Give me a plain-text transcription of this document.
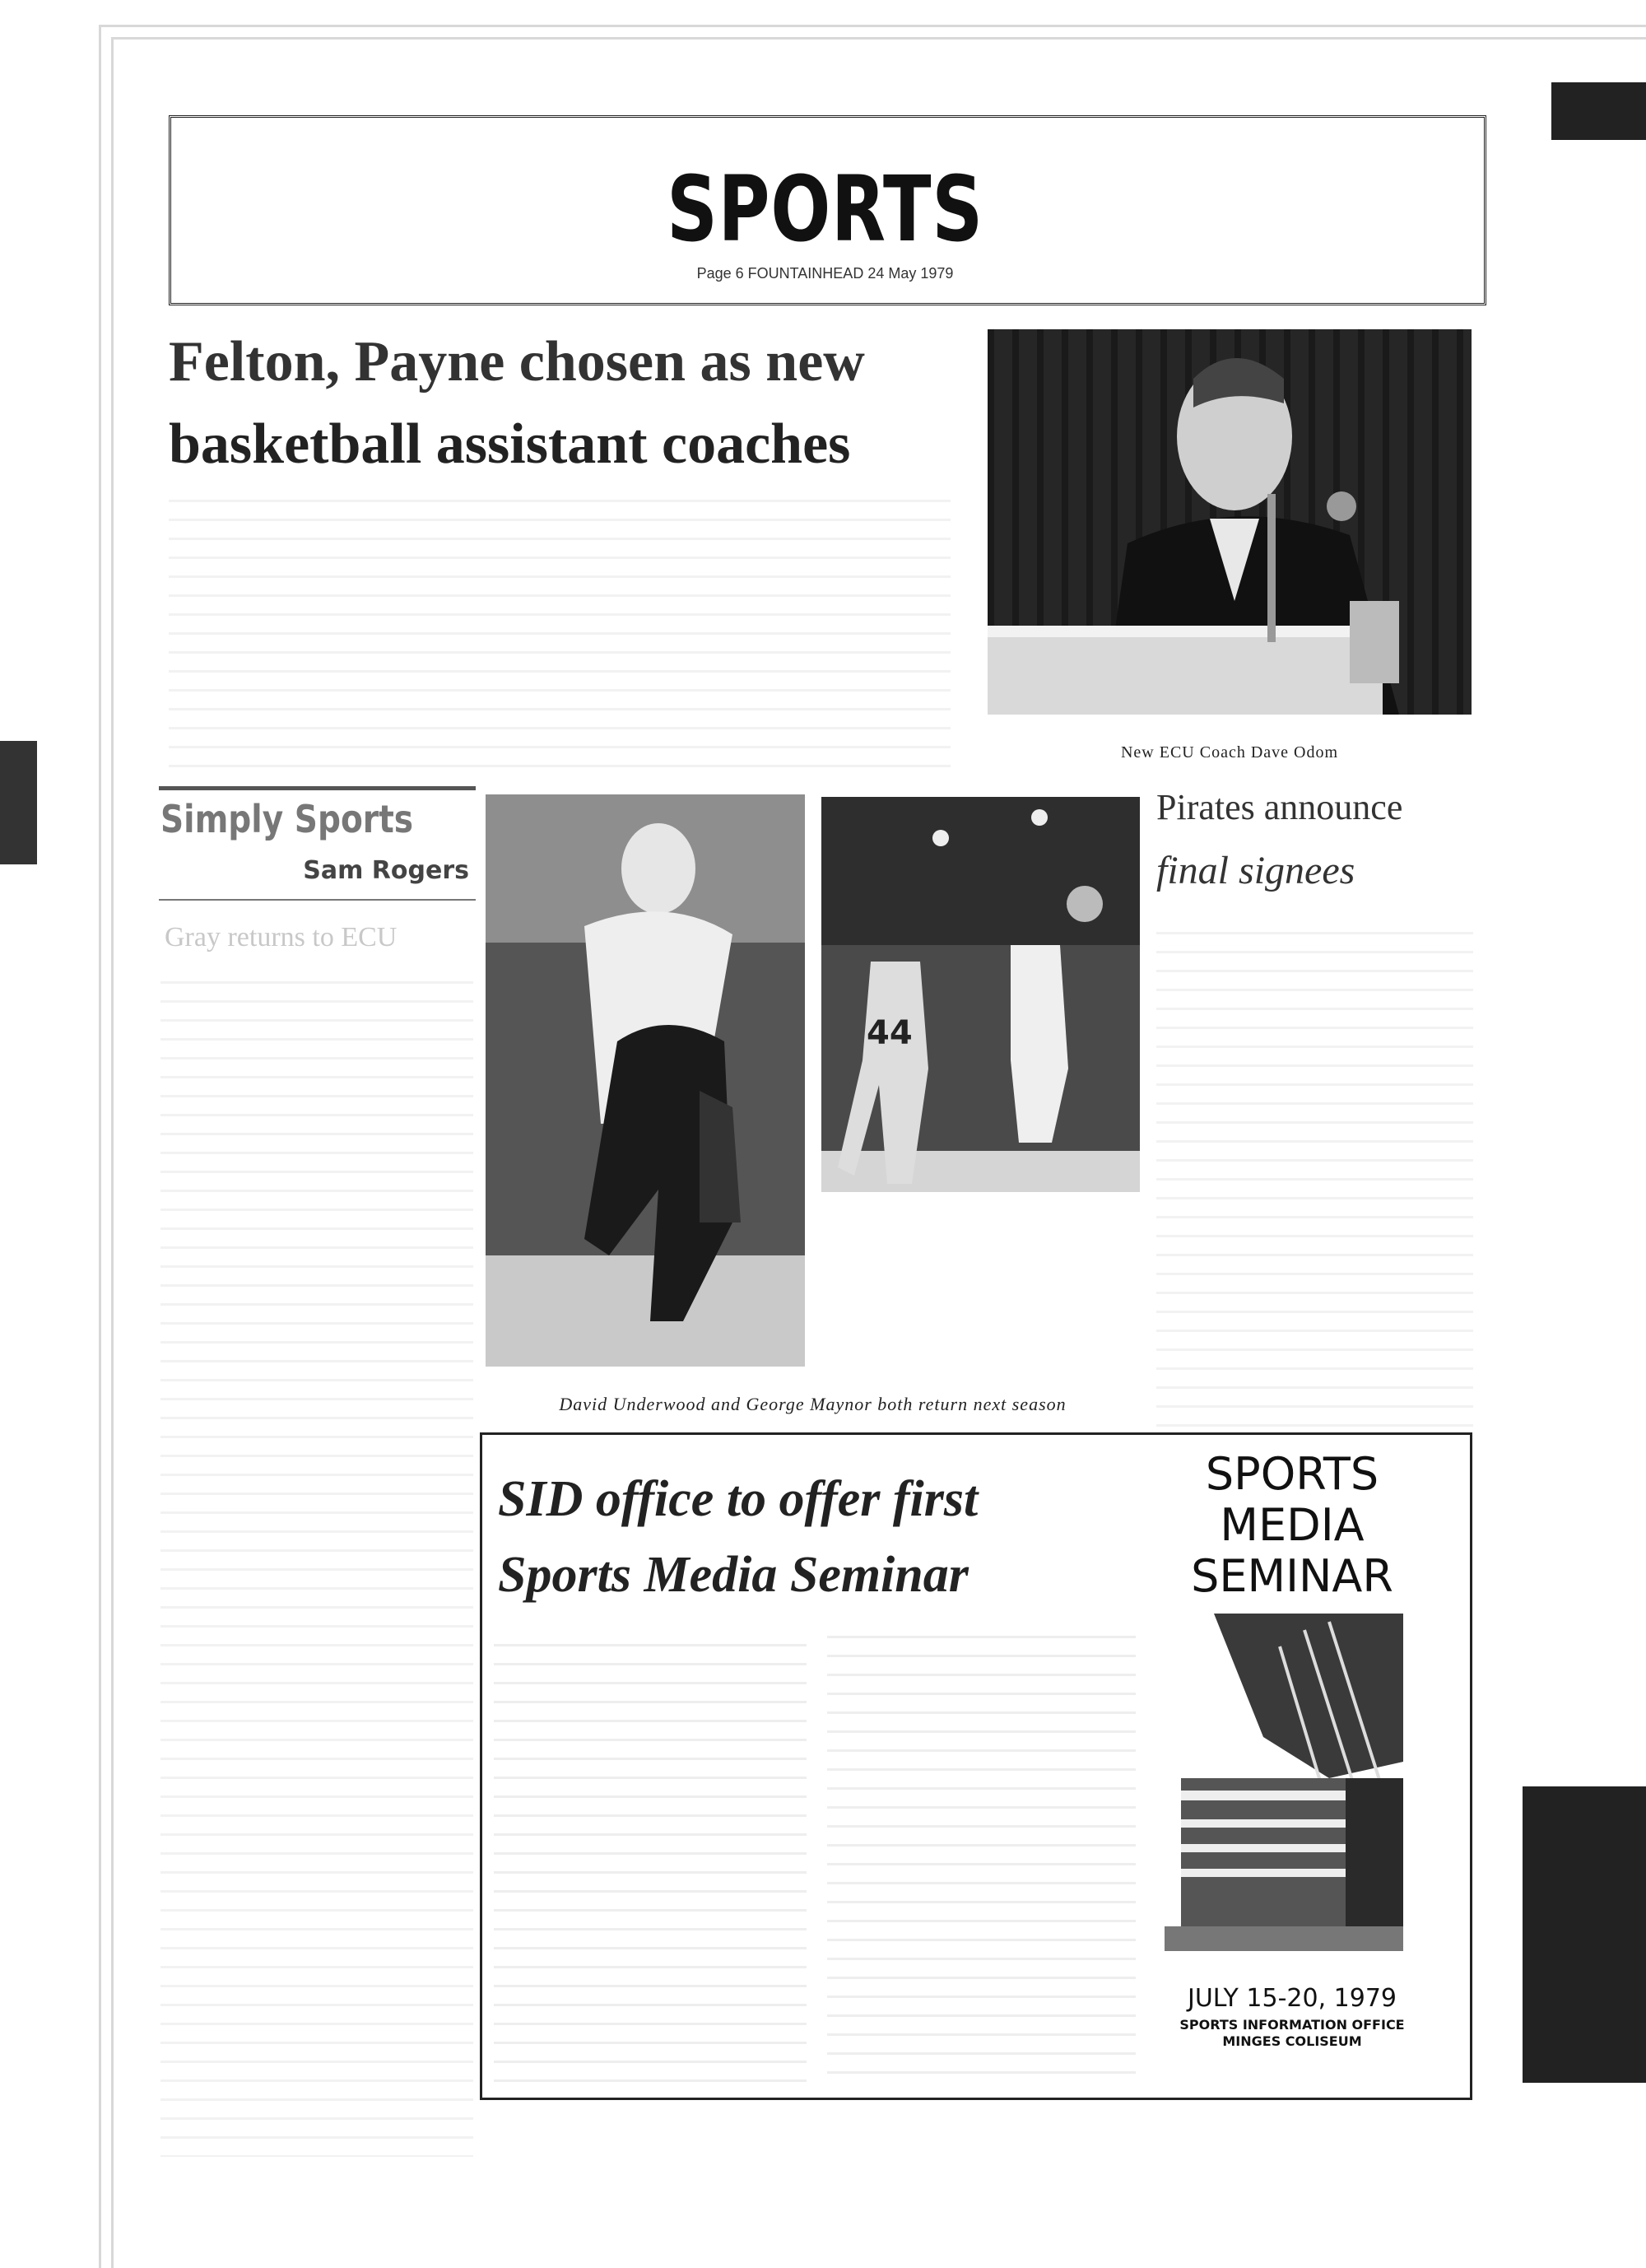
SPORTS
Page 6 FOUNTAINHEAD 24 May 1979
Felton, Payne chosen as new
basketball assistant coaches
New ECU Coach Dave Odom
Simply Sports
Sam Rogers
Gray returns to ECU
44
David Underwood and George Maynor both return next season
Pirates announce
final signees
SID office to offer first
Sports Media Seminar
SPORTS
MEDIA
SEMINAR
JULY 15-20, 1979
SPORTS INFORMATION OFFICE
MINGES COLISEUM
